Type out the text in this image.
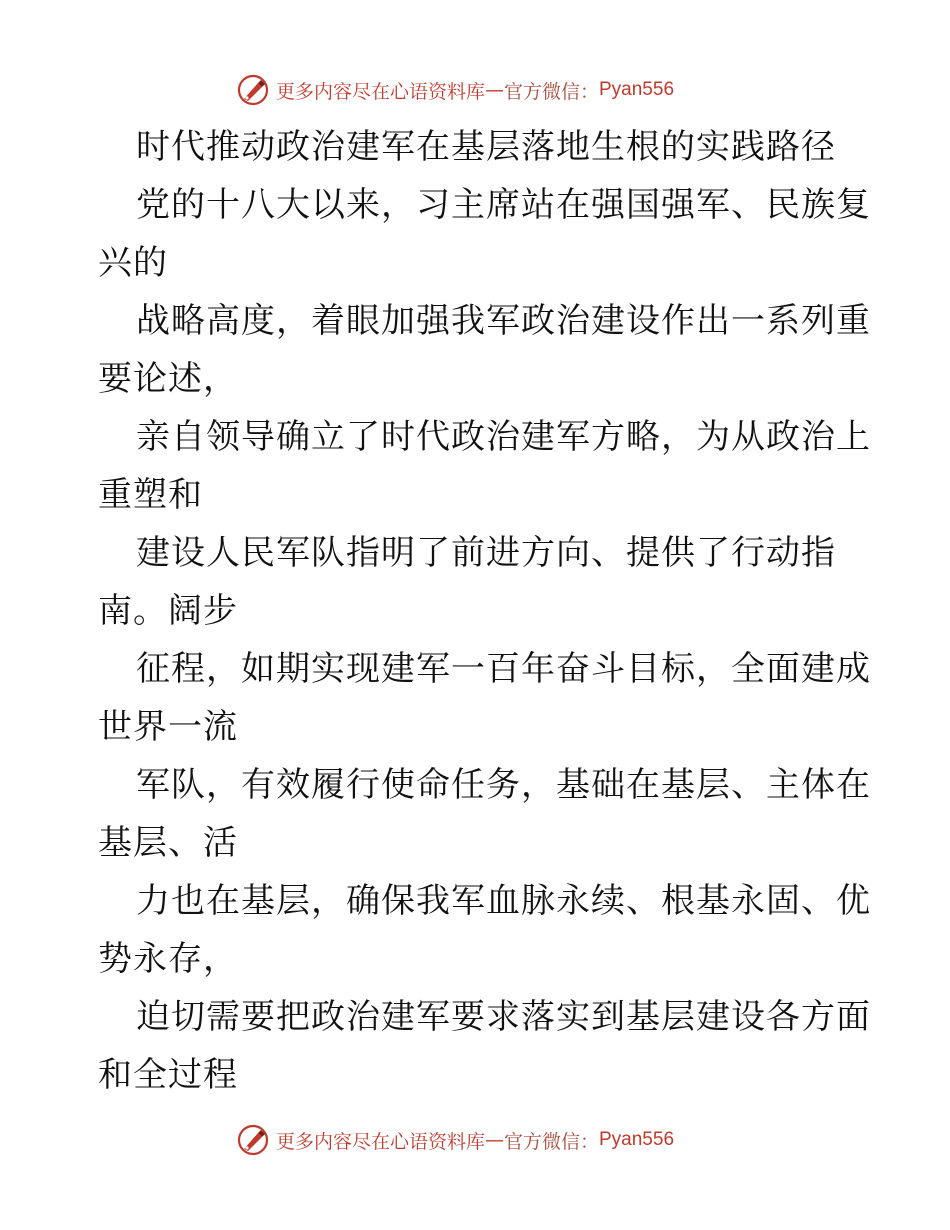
更多内容尽在心语资料库 — 官方微信： Pyan556
时代推动政治建军在基层落地生根的实践路径
党的十八大以来，习主席站在强国强军、民族复
兴的
战略高度，着眼加强我军政治建设作出一系列重
要论述，
亲自领导确立了时代政治建军方略，为从政治上
重塑和
建设人民军队指明了前进方向、提供了行动指
南。阔步
征程，如期实现建军一百年奋斗目标，全面建成
世界一流
军队，有效履行使命任务，基础在基层、主体在
基层、活
力也在基层，确保我军血脉永续、根基永固、优
势永存，
迫切需要把政治建军要求落实到基层建设各方面
和全过程
更多内容尽在心语资料库 — 官方微信： Pyan556
